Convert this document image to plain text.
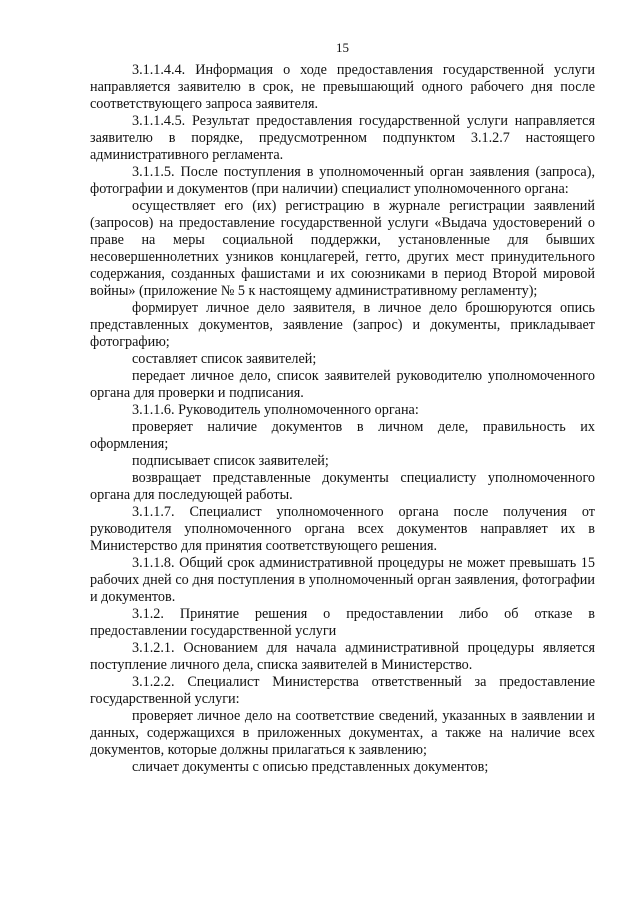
15

3.1.1.4.4. Информация о ходе предоставления государственной услуги направляется заявителю в срок, не превышающий одного рабочего дня после соответствующего запроса заявителя.

3.1.1.4.5. Результат предоставления государственной услуги направляется заявителю в порядке, предусмотренном подпунктом 3.1.2.7 настоящего административного регламента.

3.1.1.5. После поступления в уполномоченный орган заявления (запроса), фотографии и документов (при наличии) специалист уполномоченного органа:

осуществляет его (их) регистрацию в журнале регистрации заявлений (запросов) на предоставление государственной услуги «Выдача удостоверений о праве на меры социальной поддержки, установленные для бывших несовершеннолетних узников концлагерей, гетто, других мест принудительного содержания, созданных фашистами и их союзниками в период Второй мировой войны» (приложение № 5 к настоящему административному регламенту);

формирует личное дело заявителя, в личное дело брошюруются опись представленных документов, заявление (запрос) и документы, прикладывает фотографию;

составляет список заявителей;

передает личное дело, список заявителей руководителю уполномоченного органа для проверки и подписания.

3.1.1.6. Руководитель уполномоченного органа:

проверяет наличие документов в личном деле, правильность их оформления;

подписывает список заявителей;

возвращает представленные документы специалисту уполномоченного органа для последующей работы.

3.1.1.7. Специалист уполномоченного органа после получения от руководителя уполномоченного органа всех документов направляет их в Министерство для принятия соответствующего решения.

3.1.1.8. Общий срок административной процедуры не может превышать 15 рабочих дней со дня поступления в уполномоченный орган заявления, фотографии и документов.

3.1.2. Принятие решения о предоставлении либо об отказе в предоставлении государственной услуги

3.1.2.1. Основанием для начала административной процедуры является поступление личного дела, списка заявителей в Министерство.

3.1.2.2. Специалист Министерства ответственный за предоставление государственной услуги:

проверяет личное дело на соответствие сведений, указанных в заявлении и данных, содержащихся в приложенных документах, а также на наличие всех документов, которые должны прилагаться к заявлению;

сличает документы с описью представленных документов;
